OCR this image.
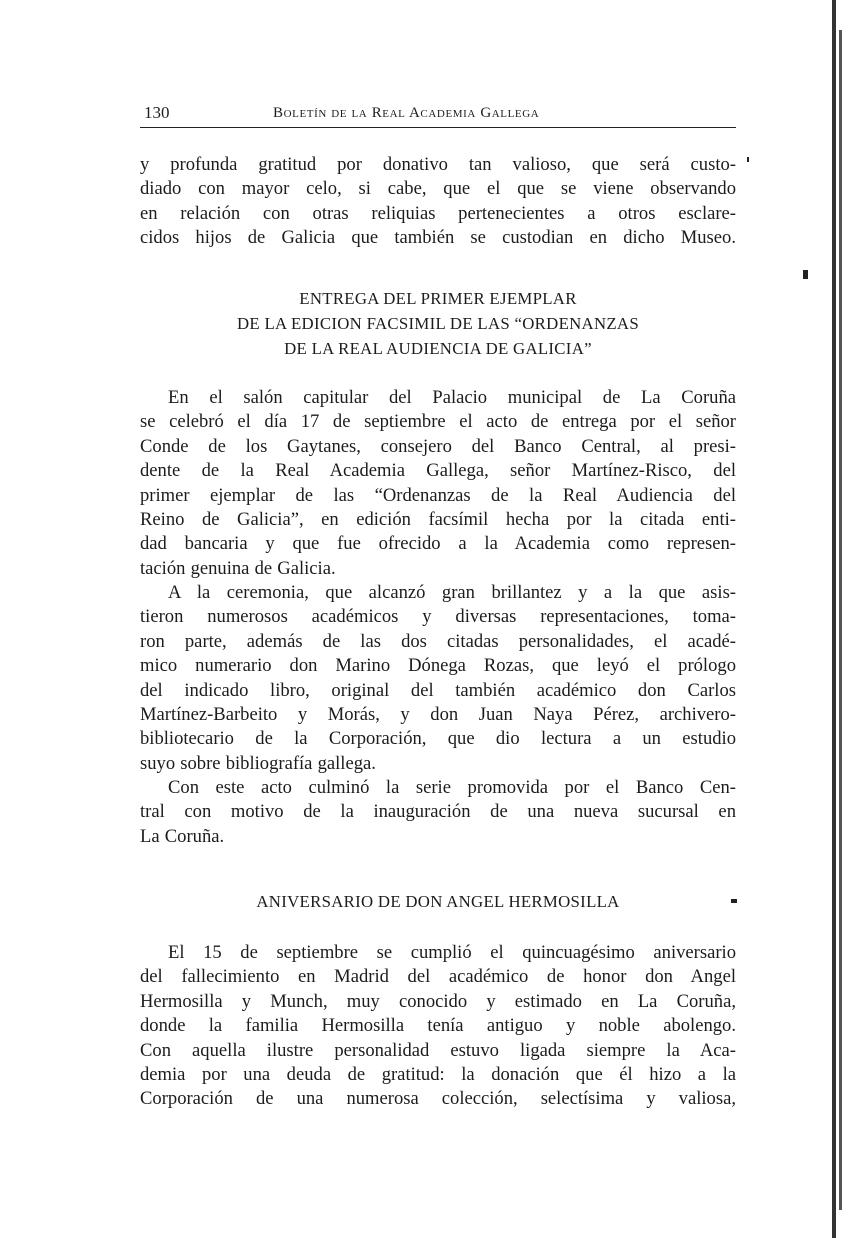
130	Boletín de la Real Academia Gallega
y profunda gratitud por donativo tan valioso, que será custo-
diado con mayor celo, si cabe, que el que se viene observando
en relación con otras reliquias pertenecientes a otros esclare-
cidos hijos de Galicia que también se custodian en dicho Museo.
ENTREGA DEL PRIMER EJEMPLAR
DE LA EDICION FACSIMIL DE LAS “ORDENANZAS
DE LA REAL AUDIENCIA DE GALICIA”
En el salón capitular del Palacio municipal de La Coruña
se celebró el día 17 de septiembre el acto de entrega por el señor
Conde de los Gaytanes, consejero del Banco Central, al presi-
dente de la Real Academia Gallega, señor Martínez-Risco, del
primer ejemplar de las “Ordenanzas de la Real Audiencia del
Reino de Galicia”, en edición facsímil hecha por la citada enti-
dad bancaria y que fue ofrecido a la Academia como represen-
tación genuina de Galicia.
A la ceremonia, que alcanzó gran brillantez y a la que asis-
tieron numerosos académicos y diversas representaciones, toma-
ron parte, además de las dos citadas personalidades, el acadé-
mico numerario don Marino Dónega Rozas, que leyó el prólogo
del indicado libro, original del también académico don Carlos
Martínez-Barbeito y Morás, y don Juan Naya Pérez, archivero-
bibliotecario de la Corporación, que dio lectura a un estudio
suyo sobre bibliografía gallega.
Con este acto culminó la serie promovida por el Banco Cen-
tral con motivo de la inauguración de una nueva sucursal en
La Coruña.
ANIVERSARIO DE DON ANGEL HERMOSILLA
El 15 de septiembre se cumplió el quincuagésimo aniversario
del fallecimiento en Madrid del académico de honor don Angel
Hermosilla y Munch, muy conocido y estimado en La Coruña,
donde la familia Hermosilla tenía antiguo y noble abolengo.
Con aquella ilustre personalidad estuvo ligada siempre la Aca-
demia por una deuda de gratitud: la donación que él hizo a la
Corporación de una numerosa colección, selectísima y valiosa,
